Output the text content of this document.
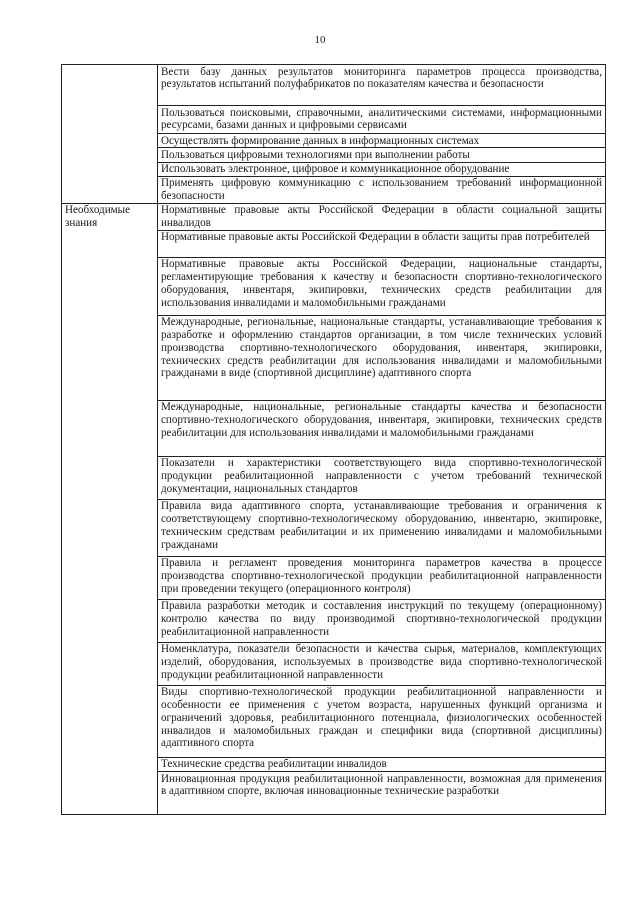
10

	Вести базу данных результатов мониторинга параметров процесса производства, результатов испытаний полуфабрикатов по показателям качества и безопасности

	Пользоваться поисковыми, справочными, аналитическими системами, информационными ресурсами, базами данных и цифровыми сервисами

	Осуществлять формирование данных в информационных системах

	Пользоваться цифровыми технологиями при выполнении работы

	Использовать электронное, цифровое и коммуникационное оборудование

	Применять цифровую коммуникацию с использованием требований информационной безопасности

Необходимые знания	Нормативные правовые акты Российской Федерации в области социальной защиты инвалидов

	Нормативные правовые акты Российской Федерации в области защиты прав потребителей

	Нормативные правовые акты Российской Федерации, национальные стандарты, регламентирующие требования к качеству и безопасности спортивно-технологического оборудования, инвентаря, экипировки, технических средств реабилитации для использования инвалидами и маломобильными гражданами

	Международные, региональные, национальные стандарты, устанавливающие требования к разработке и оформлению стандартов организации, в том числе технических условий производства спортивно-технологического оборудования, инвентаря, экипировки, технических средств реабилитации для использования инвалидами и маломобильными гражданами в виде (спортивной дисциплине) адаптивного спорта

	Международные, национальные, региональные стандарты качества и безопасности спортивно-технологического оборудования, инвентаря, экипировки, технических средств реабилитации для использования инвалидами и маломобильными гражданами

	Показатели и характеристики соответствующего вида спортивно-технологической продукции реабилитационной направленности с учетом требований технической документации, национальных стандартов

	Правила вида адаптивного спорта, устанавливающие требования и ограничения к соответствующему спортивно-технологическому оборудованию, инвентарю, экипировке, техническим средствам реабилитации и их применению инвалидами и маломобильными гражданами

	Правила и регламент проведения мониторинга параметров качества в процессе производства спортивно-технологической продукции реабилитационной направленности при проведении текущего (операционного контроля)

	Правила разработки методик и составления инструкций по текущему (операционному) контролю качества по виду производимой спортивно-технологической продукции реабилитационной направленности

	Номенклатура, показатели безопасности и качества сырья, материалов, комплектующих изделий, оборудования, используемых в производстве вида спортивно-технологической продукции реабилитационной направленности

	Виды спортивно-технологической продукции реабилитационной направленности и особенности ее применения с учетом возраста, нарушенных функций организма и ограничений здоровья, реабилитационного потенциала, физиологических особенностей инвалидов и маломобильных граждан и специфики вида (спортивной дисциплины) адаптивного спорта

	Технические средства реабилитации инвалидов

	Инновационная продукция реабилитационной направленности, возможная для применения в адаптивном спорте, включая инновационные технические разработки
